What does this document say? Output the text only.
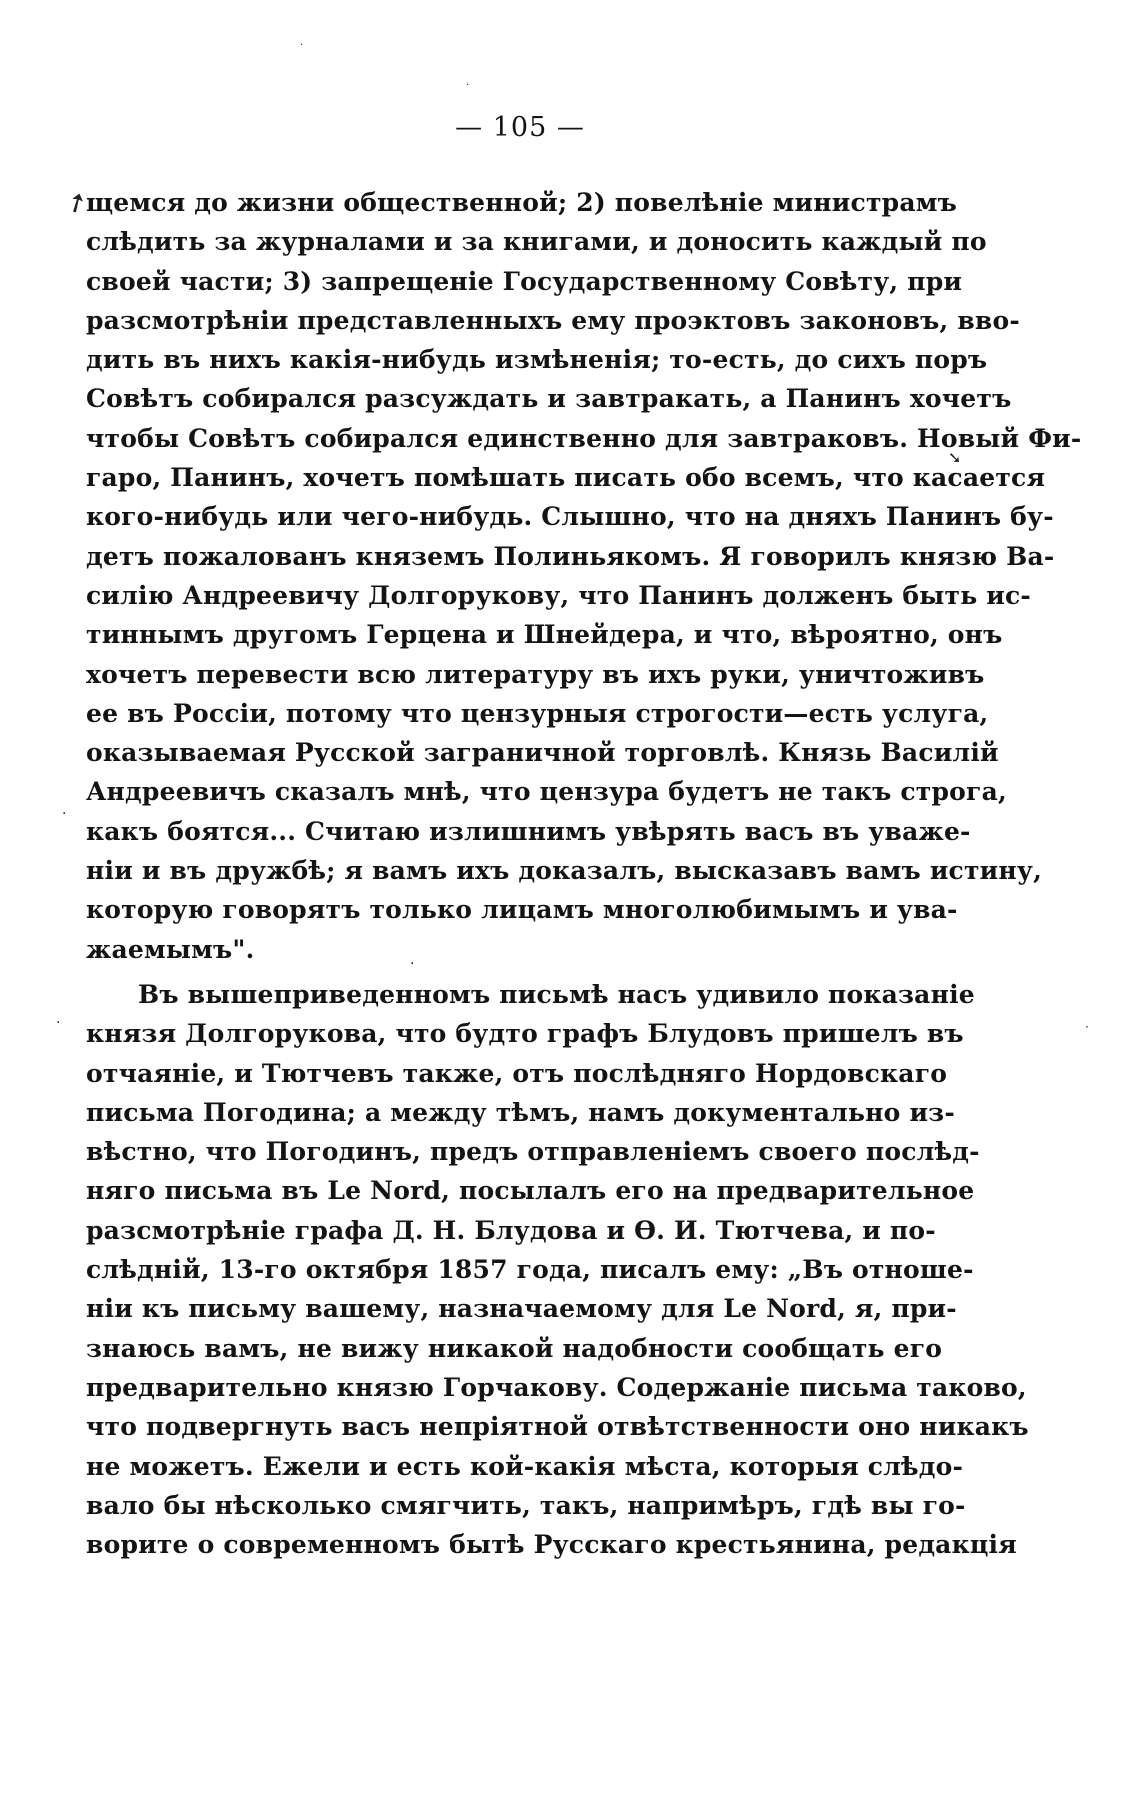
➚
·
·
➘
·
·
·	·
— 105 —
щемся до жизни общественной; 2) повелѣніе министрамъ
слѣдить за журналами и за книгами, и доносить каждый по
своей части; 3) запрещеніе Государственному Совѣту, при
разсмотрѣніи представленныхъ ему проэктовъ законовъ, вво-
дить въ нихъ какія-нибудь измѣненія; то-есть, до сихъ поръ
Совѣтъ собирался разсуждать и завтракать, а Панинъ хочетъ
чтобы Совѣтъ собирался единственно для завтраковъ. Новый Фи-
гаро, Панинъ, хочетъ помѣшать писать обо всемъ, что касается
кого-нибудь или чего-нибудь. Слышно, что на дняхъ Панинъ бу-
детъ пожалованъ княземъ Полиньякомъ. Я говорилъ князю Ва-
силію Андреевичу Долгорукову, что Панинъ долженъ быть ис-
тиннымъ другомъ Герцена и Шнейдера, и что, вѣроятно, онъ
хочетъ перевести всю литературу въ ихъ руки, уничтоживъ
ее въ Россіи, потому что цензурныя строгости—есть услуга,
оказываемая Русской заграничной торговлѣ. Князь Василій
Андреевичъ сказалъ мнѣ, что цензура будетъ не такъ строга,
какъ боятся... Считаю излишнимъ увѣрять васъ въ уваже-
ніи и въ дружбѣ; я вамъ ихъ доказалъ, высказавъ вамъ истину,
которую говорятъ только лицамъ многолюбимымъ и ува-
жаемымъ".
Въ вышеприведенномъ письмѣ насъ удивило показаніе
князя Долгорукова, что будто графъ Блудовъ пришелъ въ
отчаяніе, и Тютчевъ также, отъ послѣдняго Нордовскаго
письма Погодина; а между тѣмъ, намъ документально из-
вѣстно, что Погодинъ, предъ отправленіемъ своего послѣд-
няго письма въ Le Nord, посылалъ его на предварительное
разсмотрѣніе графа Д. Н. Блудова и Ѳ. И. Тютчева, и по-
слѣдній, 13-го октября 1857 года, писалъ ему: „Въ отноше-
ніи къ письму вашему, назначаемому для Le Nord, я, при-
знаюсь вамъ, не вижу никакой надобности сообщать его
предварительно князю Горчакову. Содержаніе письма таково,
что подвергнуть васъ непріятной отвѣтственности оно никакъ
не можетъ. Ежели и есть кой-какія мѣста, которыя слѣдо-
вало бы нѣсколько смягчить, такъ, напримѣръ, гдѣ вы го-
ворите о современномъ бытѣ Русскаго крестьянина, редакція
